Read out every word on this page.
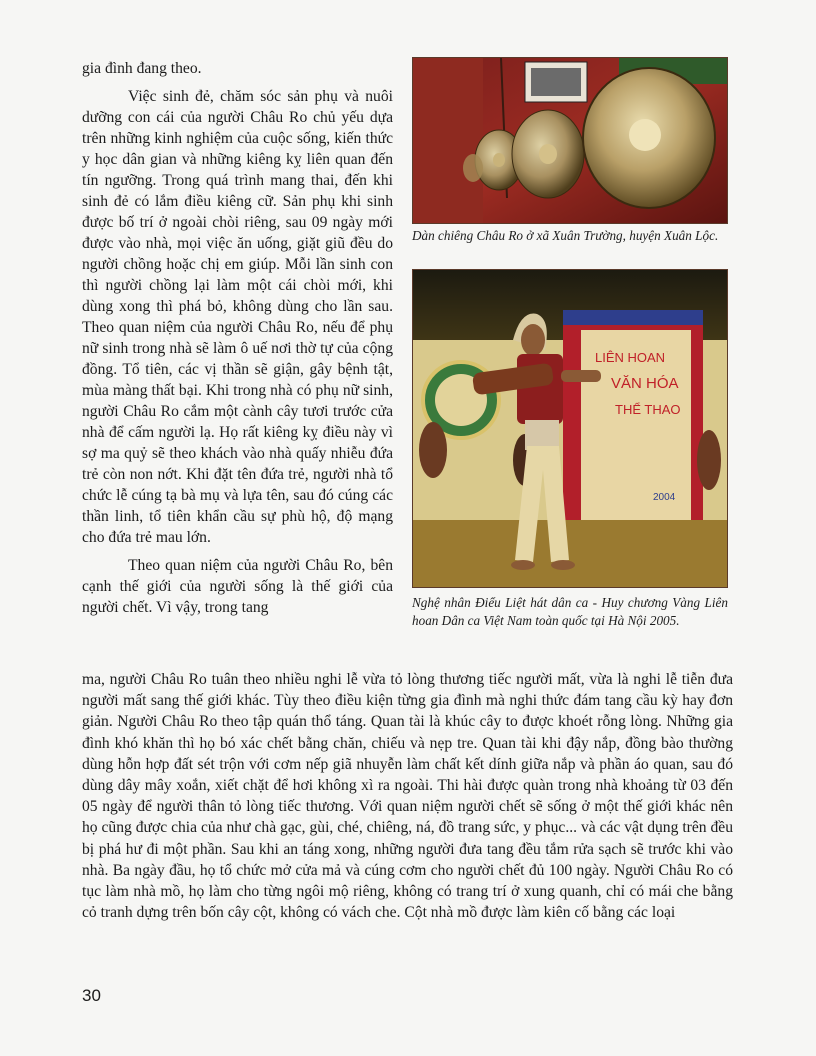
gia đình đang theo.

Việc sinh đẻ, chăm sóc sản phụ và nuôi dưỡng con cái của người Châu Ro chủ yếu dựa trên những kinh nghiệm của cuộc sống, kiến thức y học dân gian và những kiêng kỵ liên quan đến tín ngưỡng. Trong quá trình mang thai, đến khi sinh đẻ có lắm điều kiêng cữ. Sản phụ khi sinh được bố trí ở ngoài chòi riêng, sau 09 ngày mới được vào nhà, mọi việc ăn uống, giặt giũ đều do người chồng hoặc chị em giúp. Mỗi lần sinh con thì người chồng lại làm một cái chòi mới, khi dùng xong thì phá bỏ, không dùng cho lần sau. Theo quan niệm của người Châu Ro, nếu để phụ nữ sinh trong nhà sẽ làm ô uế nơi thờ tự của cộng đồng. Tổ tiên, các vị thần sẽ giận, gây bệnh tật, mùa màng thất bại. Khi trong nhà có phụ nữ sinh, người Châu Ro cắm một cành cây tươi trước cửa nhà để cấm người lạ. Họ rất kiêng kỵ điều này vì sợ ma quỷ sẽ theo khách vào nhà quấy nhiễu đứa trẻ còn non nớt. Khi đặt tên đứa trẻ, người nhà tổ chức lễ cúng tạ bà mụ và lựa tên, sau đó cúng các thần linh, tổ tiên khẩn cầu sự phù hộ, độ mạng cho đứa trẻ mau lớn.

Theo quan niệm của người Châu Ro, bên cạnh thế giới của người sống là thế giới của người chết. Vì vậy, trong tang

Dàn chiêng Châu Ro ở xã Xuân Trường, huyện Xuân Lộc.
LIÊN HOAN
VĂN HÓA
THỂ THAO
2004
Nghệ nhân Điểu Liệt hát dân ca - Huy chương Vàng Liên hoan Dân ca Việt Nam toàn quốc tại Hà Nội 2005.

ma, người Châu Ro tuân theo nhiều nghi lễ vừa tỏ lòng thương tiếc người mất, vừa là nghi lễ tiễn đưa người mất sang thế giới khác. Tùy theo điều kiện từng gia đình mà nghi thức đám tang cầu kỳ hay đơn giản. Người Châu Ro theo tập quán thổ táng. Quan tài là khúc cây to được khoét rỗng lòng. Những gia đình khó khăn thì họ bó xác chết bằng chăn, chiếu và nẹp tre. Quan tài khi đậy nắp, đồng bào thường dùng hỗn hợp đất sét trộn với cơm nếp giã nhuyễn làm chất kết dính giữa nắp và phần áo quan, sau đó dùng dây mây xoắn, xiết chặt để hơi không xì ra ngoài. Thi hài được quàn trong nhà khoảng từ 03 đến 05 ngày để người thân tỏ lòng tiếc thương. Với quan niệm người chết sẽ sống ở một thế giới khác nên họ cũng được chia của như chà gạc, gùi, ché, chiêng, ná, đồ trang sức, y phục... và các vật dụng trên đều bị phá hư đi một phần. Sau khi an táng xong, những người đưa tang đều tắm rửa sạch sẽ trước khi vào nhà. Ba ngày đầu, họ tổ chức mở cửa mả và cúng cơm cho người chết đủ 100 ngày. Người Châu Ro có tục làm nhà mồ, họ làm cho từng ngôi mộ riêng, không có trang trí ở xung quanh, chỉ có mái che bằng cỏ tranh dựng trên bốn cây cột, không có vách che. Cột nhà mồ được làm kiên cố bằng các loại

30
